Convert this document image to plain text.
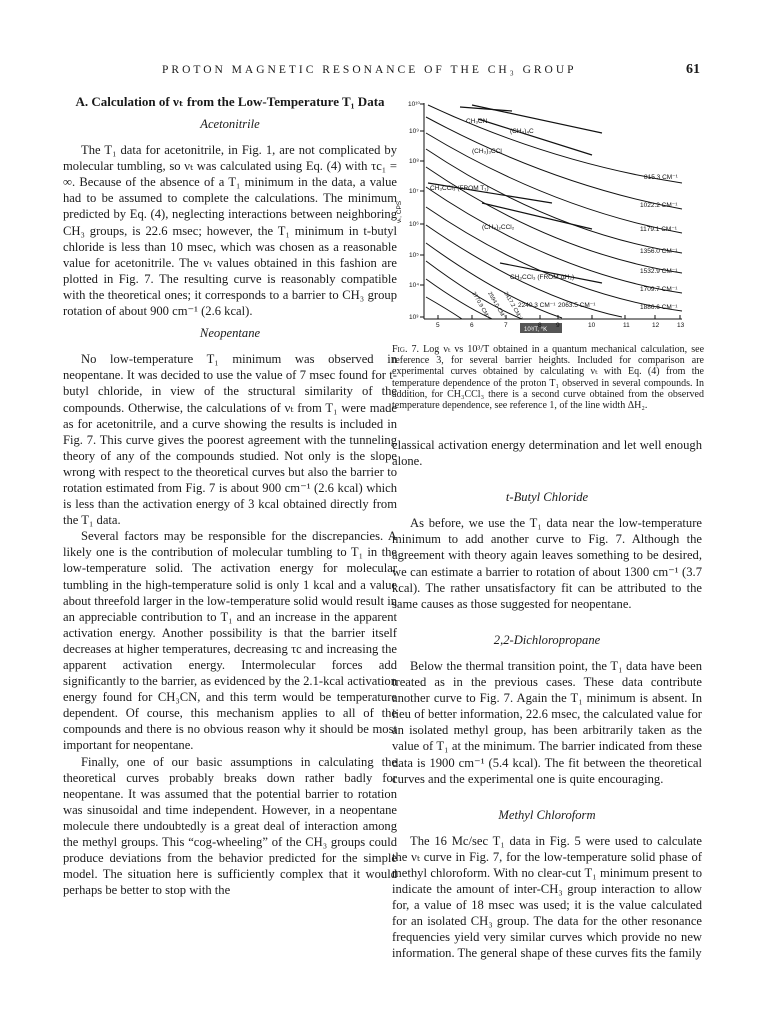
PROTON MAGNETIC RESONANCE OF THE CH₃ GROUP	61
A. Calculation of νₜ from the Low-Temperature T₁ Data
Acetonitrile

The T₁ data for acetonitrile, in Fig. 1, are not complicated by molecular tumbling, so νₜ was calculated using Eq. (4) with τc₁ = ∞. Because of the absence of a T₁ minimum in the data, a value had to be assumed to complete the calculations. The minimum predicted by Eq. (4), neglecting interactions between neighboring CH₃ groups, is 22.6 msec; however, the T₁ minimum in t-butyl chloride is less than 10 msec, which was chosen as a reasonable value for acetonitrile. The νₜ values obtained in this fashion are plotted in Fig. 7. The resulting curve is reasonably compatible with the theoretical ones; it corresponds to a barrier to CH₃ group rotation of about 900 cm⁻¹ (2.6 kcal).

Neopentane

No low-temperature T₁ minimum was observed in neopentane. It was decided to use the value of 7 msec found for t-butyl chloride, in view of the structural similarity of the compounds. Otherwise, the calculations of νₜ from T₁ were made as for acetonitrile, and a curve showing the results is included in Fig. 7. This curve gives the poorest agreement with the tunneling theory of any of the compounds studied. Not only is the slope wrong with respect to the theoretical curves but also the barrier to rotation estimated from Fig. 7 is about 900 cm⁻¹ (2.6 kcal) which is less than the activation energy of 3 kcal obtained directly from the T₁ data.

Several factors may be responsible for the discrepancies. A likely one is the contribution of molecular tumbling to T₁ in the low-temperature solid. The activation energy for molecular tumbling in the high-temperature solid is only 1 kcal and a value about threefold larger in the low-temperature solid would result in an appreciable contribution to T₁ and an increase in the apparent activation energy. Another possibility is that the barrier itself decreases at higher temperatures, decreasing τc and increasing the apparent activation energy. Intermolecular forces add significantly to the barrier, as evidenced by the 2.1-kcal activation energy found for CH₃CN, and this term would be temperature dependent. Of course, this mechanism applies to all of the compounds and there is no obvious reason why it should be most important for neopentane.

Finally, one of our basic assumptions in calculating the theoretical curves probably breaks down rather badly for neopentane. It was assumed that the potential barrier to rotation was sinusoidal and time independent. However, in a neopentane molecule there undoubtedly is a great deal of interaction among the methyl groups. This “cog-wheeling” of the CH₃ groups could produce deviations from the behavior predicted for the simple model. The situation here is sufficiently complex that it would perhaps be better to stop with the

10¹⁰
10⁹
10⁸
10⁷
10⁶
10⁵
10⁴
10³
5	6	7	8 9	10	11	12	13
10³/T, °K
νₜ, CPS
CH₃CN
(CH₃)₄C
(CH₃)₃CCl
CH₃CCl₃ (FROM T₁)
(CH₃)₂CCl₂
CH₃CCl₃ (FROM ΔH₂)
815.3 CM⁻¹
1022.2 CM⁻¹
1179.1 CM⁻¹
1356.0 CM⁻¹
1532.9 CM⁻¹
1709.7 CM⁻¹
1886.6 CM⁻¹
2063.5 CM⁻¹
2240.3 CM⁻¹
2417.2 CM⁻¹
2594.0 CM⁻¹
2770.9 CM⁻¹
Fig. 7. Log νₜ vs 10³/T obtained in a quantum mechanical calculation, see reference 3, for several barrier heights. Included for comparison are experimental curves obtained by calculating νₜ with Eq. (4) from the temperature dependence of the proton T₁ observed in several compounds. In addition, for CH₃CCl₃ there is a second curve obtained from the observed temperature dependence, see reference 1, of the line width ΔH₂.

classical activation energy determination and let well enough alone.

t-Butyl Chloride

As before, we use the T₁ data near the low-temperature minimum to add another curve to Fig. 7. Although the agreement with theory again leaves something to be desired, we can estimate a barrier to rotation of about 1300 cm⁻¹ (3.7 kcal). The rather unsatisfactory fit can be attributed to the same causes as those suggested for neopentane.

2,2-Dichloropropane

Below the thermal transition point, the T₁ data have been treated as in the previous cases. These data contribute another curve to Fig. 7. Again the T₁ minimum is absent. In lieu of better information, 22.6 msec, the calculated value for an isolated methyl group, has been arbitrarily taken as the value of T₁ at the minimum. The barrier indicated from these data is 1900 cm⁻¹ (5.4 kcal). The fit between the theoretical curves and the experimental one is quite encouraging.

Methyl Chloroform

The 16 Mc/sec T₁ data in Fig. 5 were used to calculate the νₜ curve in Fig. 7, for the low-temperature solid phase of methyl chloroform. With no clear-cut T₁ minimum present to indicate the amount of inter-CH₃ group interaction to allow for, a value of 18 msec was used; it is the value calculated for an isolated CH₃ group. The data for the other resonance frequencies yield very similar curves which provide no new information. The general shape of these curves fits the family
